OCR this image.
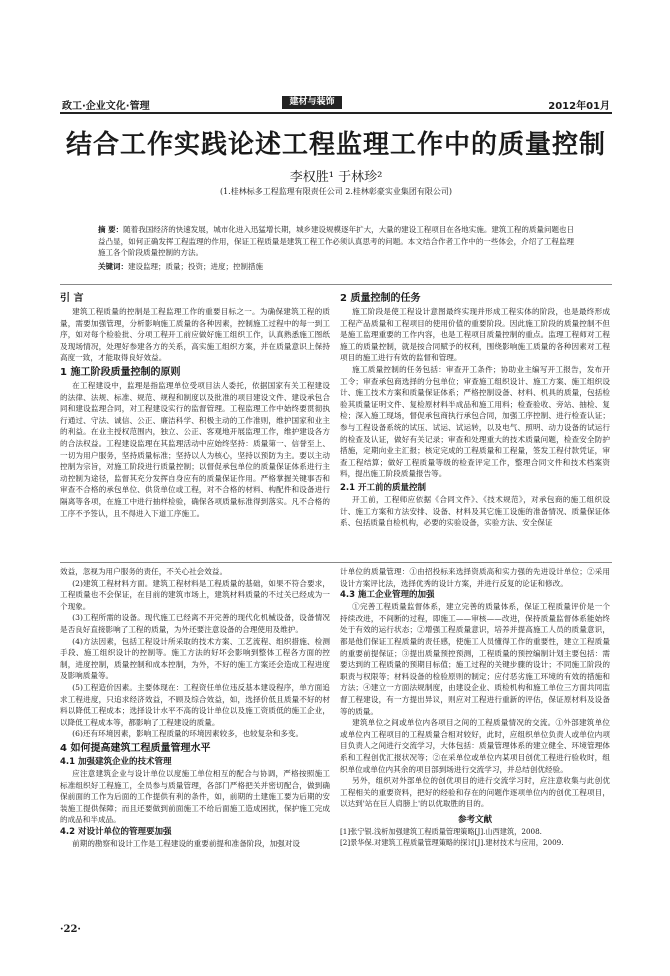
政工·企业文化·管理	建材与装饰	2012年01月
结合工作实践论述工程监理工作中的质量控制
李权胜¹ 于林珍²
(1.桂林标多工程监理有限责任公司 2.桂林彰豪实业集团有限公司)

摘 要：随着我国经济的快速发展，城市化进入迅猛增长期，城乡建设规模逐年扩大，大量的建设工程项目在各地实施。建筑工程的质量问题也日益凸显，如何正确发挥工程监理的作用，保证工程质量是建筑工程工作必须认真思考的问题。本文结合作者工作中的一些体会，介绍了工程监理施工各个阶段质量控制的方法。

关键词：建设监理；质量；投资；进度；控制措施

引 言

建筑工程质量的控制是工程监理工作的重要目标之一。为确保建筑工程的质量，需要加强管理，分析影响施工质量的各种因素，控制施工过程中的每一到工序，如对每个检验批、分项工程开工前应做好施工组织工作，认真熟悉施工图纸及现场情况，处理好参建各方的关系，高实施工组织方案，并在质量意识上保持高度一致，才能取得良好效益。

1 施工阶段质量控制的原则

在工程建设中，监理是指监理单位受项目法人委托，依据国家有关工程建设的法律、法规、标准、规范、规程和制度以及批准的项目建设文件、建设承包合同和建设监理合同，对工程建设实行的监督管理。工程监理工作中始终要贯彻执行通过、守法、诚信、公正、廉洁科学、积极主动的工作准则，维护国家和业主的利益。在业主授权范围内，独立、公正、客观地开展监理工作，维护建设各方的合法权益。工程建设监理在其监理活动中应始终坚持：质量第一、信誉至上、一切为用户服务，坚持质量标准；坚持以人为核心，坚持以预防为主。要以主动控制为宗旨，对施工阶段进行质量控制；以督促承包单位的质量保证体系进行主动控制为途径，监督其充分发挥自身应有的质量保证作用。严格掌握关键事否和审查不合格的承包单位、供货单位或工程，对不合格的材料、构配件和设备进行隔离等各项，在施工中进行抽样检验，确保各项质量标准得到落实。凡不合格的工序不予签认，且不得进入下道工序施工。

2 质量控制的任务

施工阶段是使工程设计意图最终实现并形成工程实体的阶段，也是最终形成工程产品质量和工程项目的使用价值的重要阶段。因此施工阶段的质量控制不但是施工监理重要的工作内容，也是工程项目质量控制的重点。监理工程师对工程施工的质量控制，就是按合同赋予的权利，围绕影响施工质量的各种因素对工程项目的施工进行有效的监督和管理。

施工质量控制的任务包括：审查开工条件；协助业主编写开工报告，发布开工令；审查承包商选择的分包单位；审查施工组织设计、施工方案、施工组织设计、施工技术方案和质量保证体系；严格控制设备、材料、机具的质量，包括检验其质量证明文件、复检原材料半成品和施工用料；检查验收、旁站、抽检、复检；深入施工现场，督促承包商执行承包合同，加强工序控制、进行检查认证；参与工程设备系统的试压、试运、试运转，以及电气、照明、动力设备的试运行的检查及认证，做好有关记录；审查和处理重大的技术质量问题，检查安全防护措施，定期向业主汇报；核定完成的工程质量和工程量，签发工程付款凭证，审查工程结算；做好工程质量等级的检查评定工作，整理合同文件和技术档案资料，提出施工阶段质量报告等。

2.1 开工前的质量控制

开工前，工程师应依据《合同文件》、《技术规范》，对承包商的施工组织设计、施工方案和方法安排、设备、材料及其它施工设施的准备情况、质量保证体系、包括质量自检机构，必要的实验设备，实验方法、安全保证

效益，忽视为用户服务的责任，不关心社会效益。

(2)建筑工程材料方面。建筑工程材料是工程质量的基础，如果不符合要求，工程质量也不会保证，在目前的建筑市场上，建筑材料质量的不过关已经成为一个现象。

(3)工程所需的设备。现代施工已经离不开完善的现代化机械设备，设备情况是否良好直接影响了工程的质量，为外还要注意设备的合理使用及维护。

(4)方法因素，包括工程设计所采取的技术方案、工艺流程、组织措施、检测手段、施工组织设计的控制等。施工方法的好坏会影响到整体工程各方面的控制，进度控制，质量控制和成本控制，为外，不好的施工方案还会造成工程进度及影响质量等。

(5)工程造价因素。主要体现在：工程资任单位违反基本建设程序，单方面追求工程进度，只追求经济效益，不顾及综合效益，如，选择价低且质量不好的材料以降低工程成本；选择设计水平不高的设计单位以及施工资质低的施工企业，以降低工程成本等，都影响了工程建设的质量。

(6)还有环境因素，影响工程质量的环境因素较多，也较复杂和多变。

4 如何提高建筑工程质量管理水平

4.1 加强建筑企业的技术管理

应注意建筑企业与设计单位以度施工单位相互的配合与协调，严格按照施工标准组织好工程施工，全员参与质量管理，各部门严格把关并密切配合，做到确保前面的工作为后面的工作提供有利的条件，如，前期的土建施工要为后期的安装施工提供保障；而且还要做到前面施工不给后面施工造成困扰，保护施工完成的成品和半成品。

4.2 对设计单位的管理要加强

前期的勘察和设计工作是工程建设的重要前提和准备阶段，加强对设

计单位的质量管理：①由招投标来选择资质高和实力强的先进设计单位；②采用设计方案评比法，选择优秀的设计方案，并进行反复的论证和修改。

4.3 施工企业管理的加强

①完善工程质量监督体系，建立完善的质量体系，保证工程质量评价是一个持续改进，不间断的过程，即施工——审核——改进，保持质量监督体系能始终处于有效的运行状态；②增强工程质量意识，培养并提高施工人员的质量意识，都是他们保证工程质量的责任感，使施工人员懂得工作的重要性，建立工程质量的重要前提保证；③提出质量预控预测，工程质量的预控编制计划主要包括：需要达到的工程质量的预期目标值；施工过程的关键步骤的设计；不同施工阶段的职责与权限等；材料设备的检验原则的制定；应付恶劣施工环境的有效的措施和方法；④建立一方面法规制度，由建设企业、质检机构和施工单位三方面共同监督工程建设，有一方提出异议，则应对工程进行重新的评估，保证原材料及设备等的质量。

建筑单位之间或单位内各项目之间的工程质量情况的交流。①外部建筑单位或单位内工程项目的工程质量合相对较好，此时，应组织单位负责人或单位内项目负责人之间进行交流学习，大体包括：质量管理体系的建立健全、环境管理体系和工程创优汇报状况等；②在采单位或单位内某项目创优工程进行验收时，组织单位或单位内其余的项目部到场进行交流学习，并总结创优经验。

另外，组织对外部单位的创优项目的进行交流学习时，应注意收集与此创优工程相关的重要资料，把好的经验和存在的问题作逐项单位内的创优工程项目，以达到'站在巨人肩膀上'的以优取胜的目的。

参考文献

[1]张宁银.浅析加强建筑工程质量管理策略[J].山西建筑，2008.

[2]景华保.对建筑工程质量管理策略的探讨[J].建材技术与应用，2009.

·22·
